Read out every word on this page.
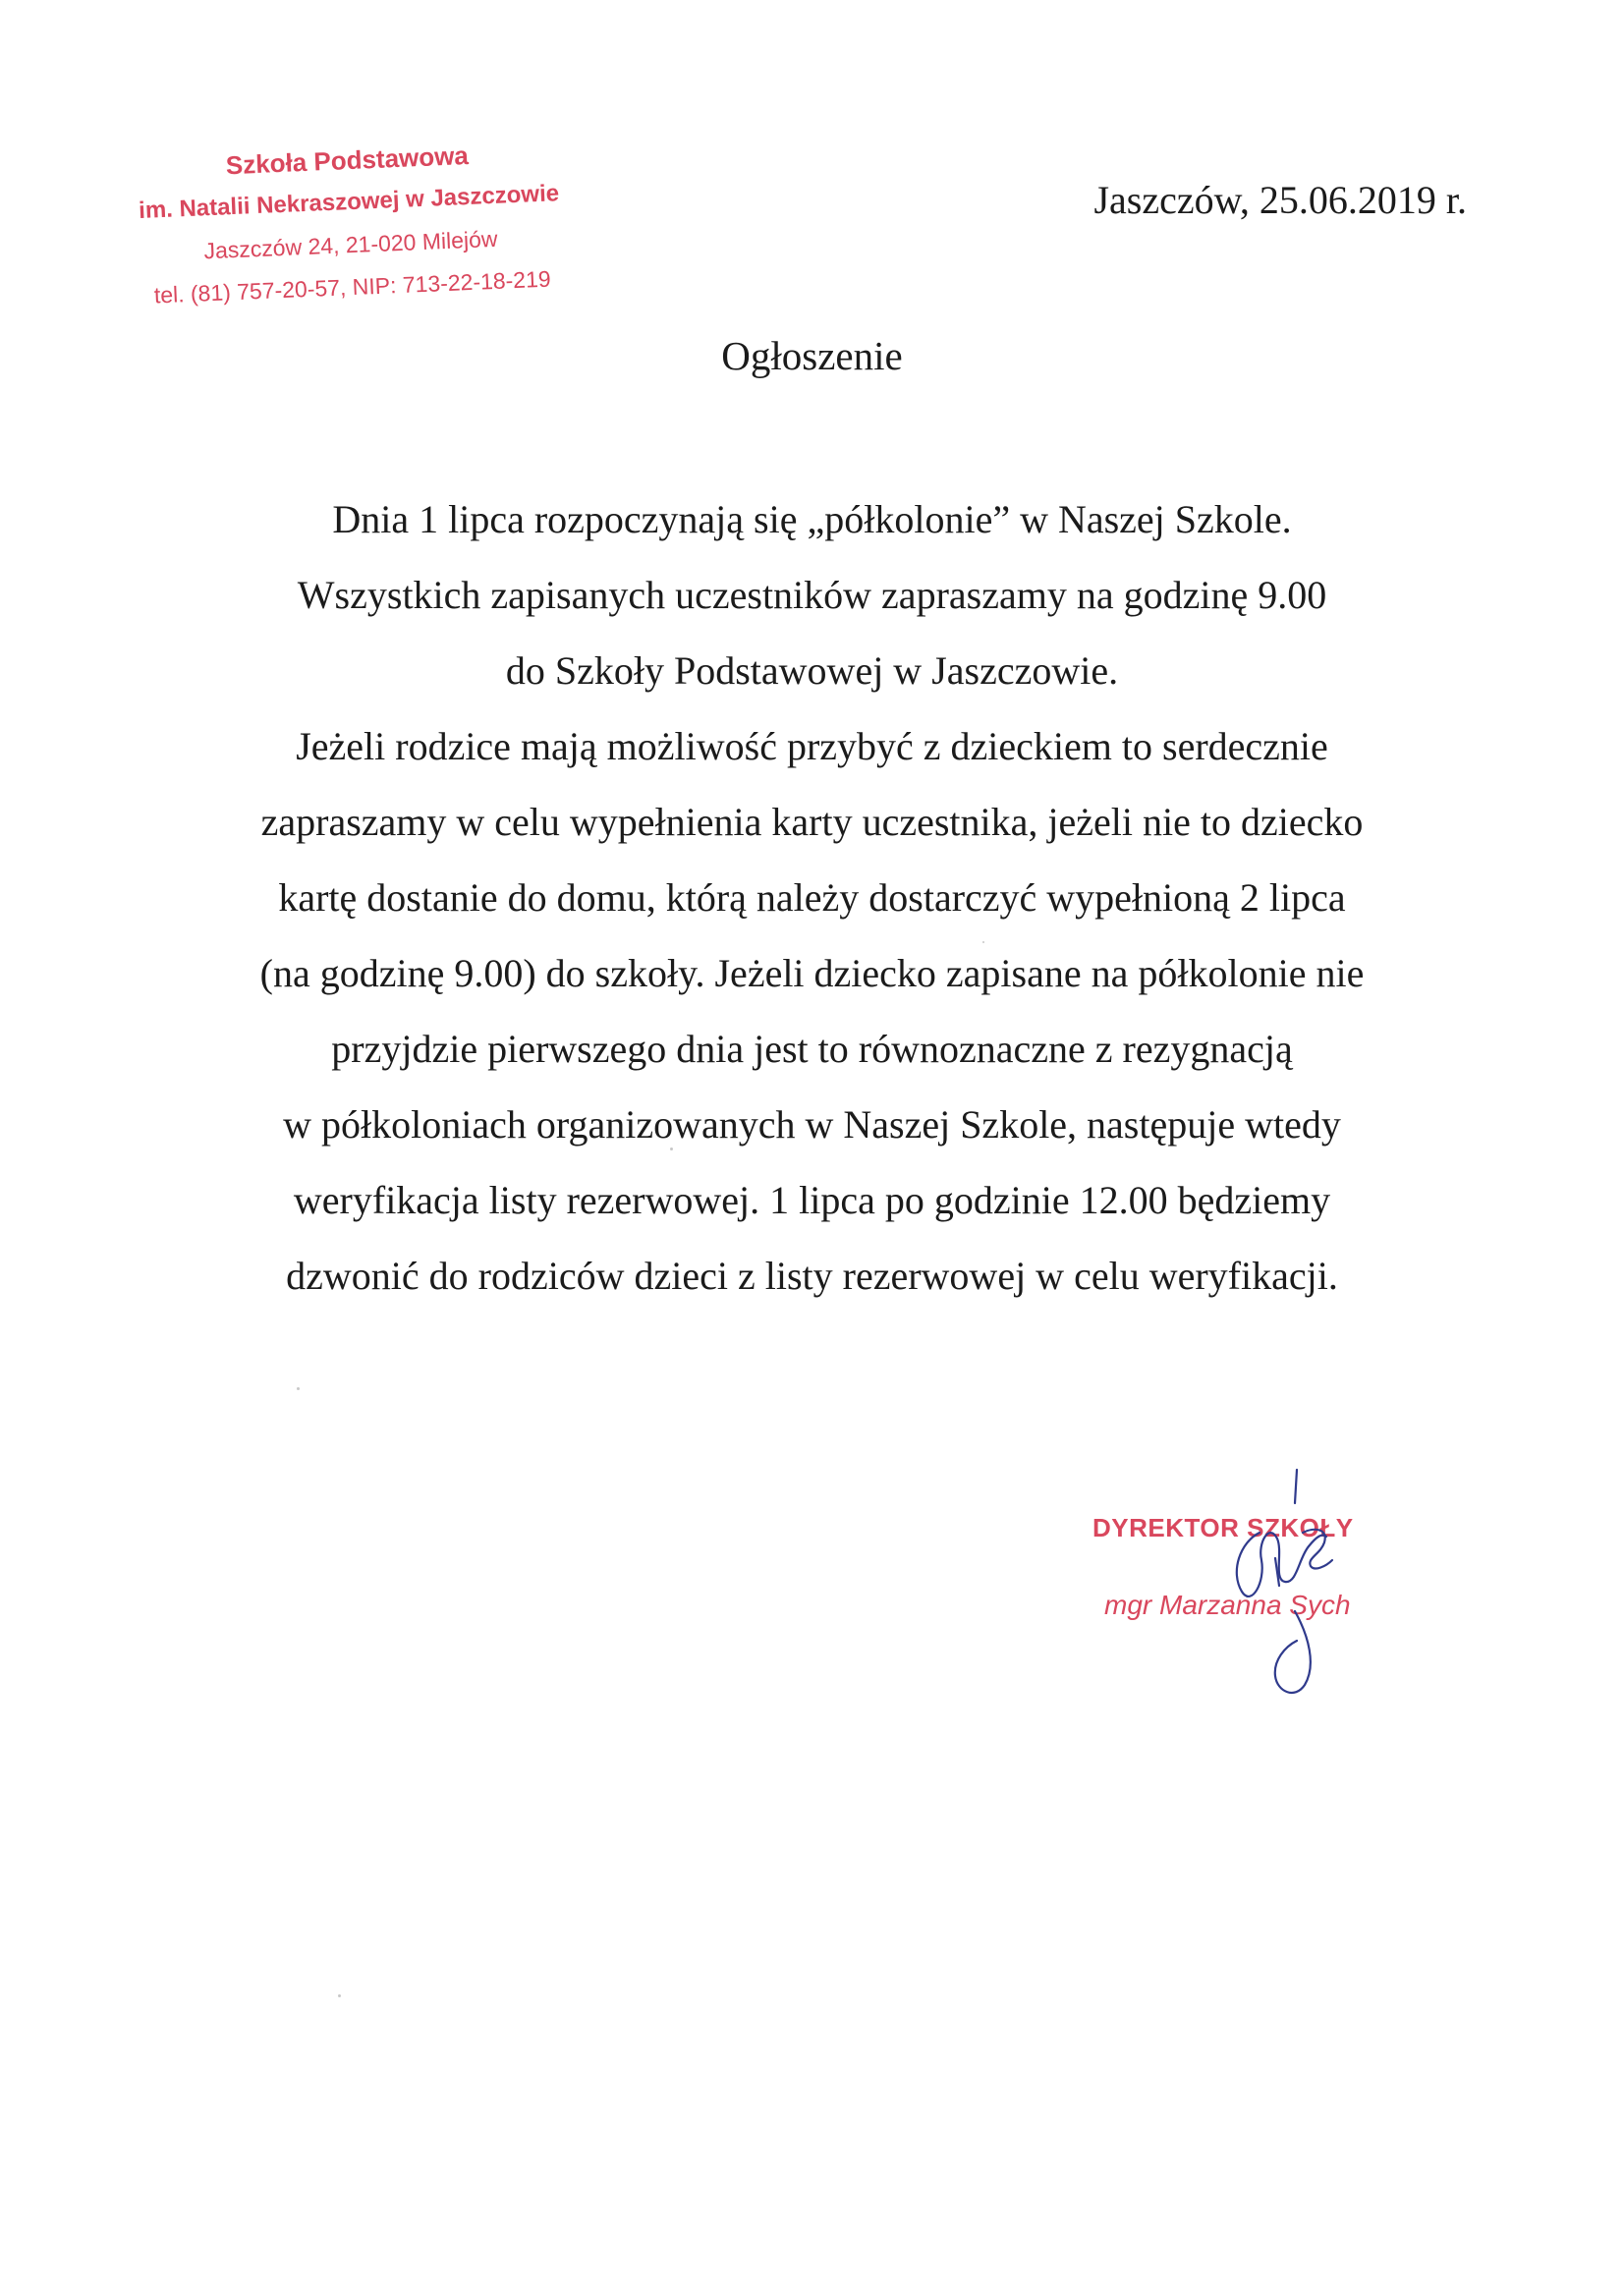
Szkoła Podstawowa
im. Natalii Nekraszowej w Jaszczowie
Jaszczów 24, 21-020 Milejów
tel. (81) 757-20-57, NIP: 713-22-18-219
Jaszczów, 25.06.2019 r.
Ogłoszenie
Dnia 1 lipca rozpoczynają się „półkolonie” w Naszej Szkole.
Wszystkich zapisanych uczestników zapraszamy na godzinę 9.00
do Szkoły Podstawowej w Jaszczowie.
Jeżeli rodzice mają możliwość przybyć z dzieckiem to serdecznie
zapraszamy w celu wypełnienia karty uczestnika, jeżeli nie to dziecko
kartę dostanie do domu, którą należy dostarczyć wypełnioną 2 lipca
(na godzinę 9.00) do szkoły. Jeżeli dziecko zapisane na półkolonie nie
przyjdzie pierwszego dnia jest to równoznaczne z rezygnacją
w półkoloniach organizowanych w Naszej Szkole, następuje wtedy
weryfikacja listy rezerwowej. 1 lipca po godzinie 12.00 będziemy
dzwonić do rodziców dzieci z listy rezerwowej w celu weryfikacji.
DYREKTOR SZKOŁY
mgr Marzanna Sych
